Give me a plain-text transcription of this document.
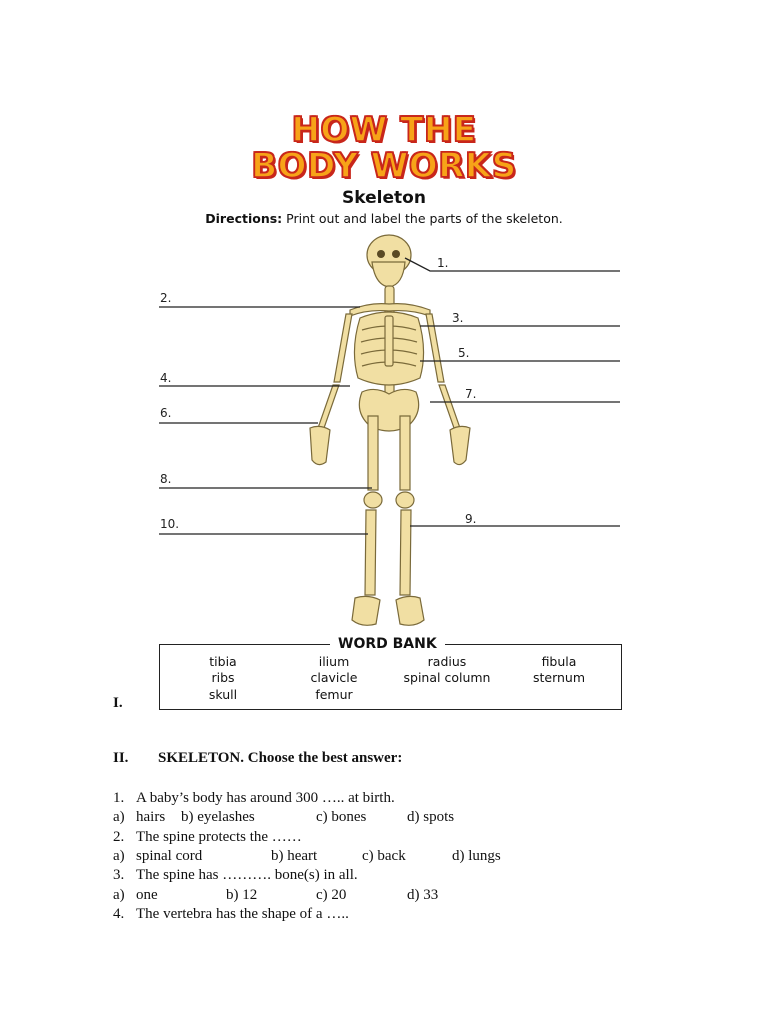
HOW THE
BODY WORKS
Skeleton
Directions: Print out and label the parts of the skeleton.
1.
2.
3.
4.
5.
6.
7.
8.
9.
10.
WORD BANK
tibia	ilium	radius	fibula
ribs	clavicle	spinal column	sternum
skull	femur
I.
II. SKELETON. Choose the best answer:
1. A baby’s body has around 300 ….. at birth.
a) hairs b) eyelashes	c) bones	d) spots
2. The spine protects the ……
a) spinal cord	b) heart	c) back	d) lungs
3. The spine has ………. bone(s) in all.
a) one	b) 12	c) 20	d) 33
4. The vertebra has the shape of a …..
